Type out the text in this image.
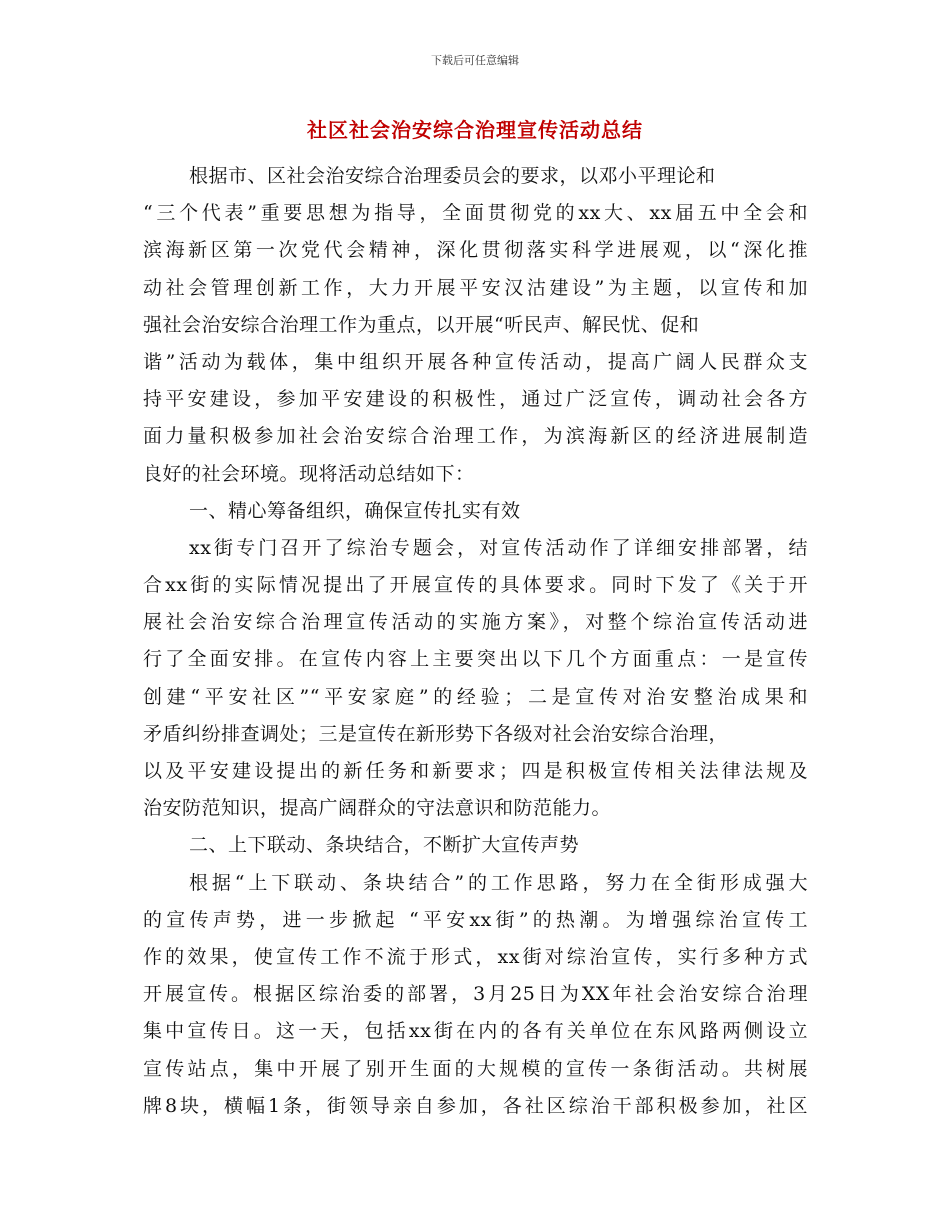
下载后可任意编辑
社区社会治安综合治理宣传活动总结
根据市、区社会治安综合治理委员会的要求，以邓小平理论和
“三个代表”重要思想为指导，全面贯彻党的xx大、xx届五中全会和
滨海新区第一次党代会精神，深化贯彻落实科学进展观，以“深化推
动社会管理创新工作，大力开展平安汉沽建设”为主题，以宣传和加
强社会治安综合治理工作为重点，以开展“听民声、解民忧、促和
谐”活动为载体，集中组织开展各种宣传活动，提高广阔人民群众支
持平安建设，参加平安建设的积极性，通过广泛宣传，调动社会各方
面力量积极参加社会治安综合治理工作，为滨海新区的经济进展制造
良好的社会环境。现将活动总结如下：
一、精心筹备组织，确保宣传扎实有效
xx街专门召开了综治专题会，对宣传活动作了详细安排部署，结
合xx街的实际情况提出了开展宣传的具体要求。同时下发了《关于开
展社会治安综合治理宣传活动的实施方案》，对整个综治宣传活动进
行了全面安排。在宣传内容上主要突出以下几个方面重点：一是宣传
创建“平安社区”“平安家庭”的经验；二是宣传对治安整治成果和
矛盾纠纷排查调处；三是宣传在新形势下各级对社会治安综合治理，
以及平安建设提出的新任务和新要求；四是积极宣传相关法律法规及
治安防范知识，提高广阔群众的守法意识和防范能力。
二、上下联动、条块结合，不断扩大宣传声势
根据“上下联动、条块结合”的工作思路，努力在全街形成强大
的宣传声势，进一步掀起 “平安xx街”的热潮。为增强综治宣传工
作的效果，使宣传工作不流于形式，xx街对综治宣传，实行多种方式
开展宣传。根据区综治委的部署，3月25日为XX年社会治安综合治理
集中宣传日。这一天，包括xx街在内的各有关单位在东风路两侧设立
宣传站点，集中开展了别开生面的大规模的宣传一条街活动。共树展
牌8块，横幅1条，街领导亲自参加，各社区综治干部积极参加，社区
